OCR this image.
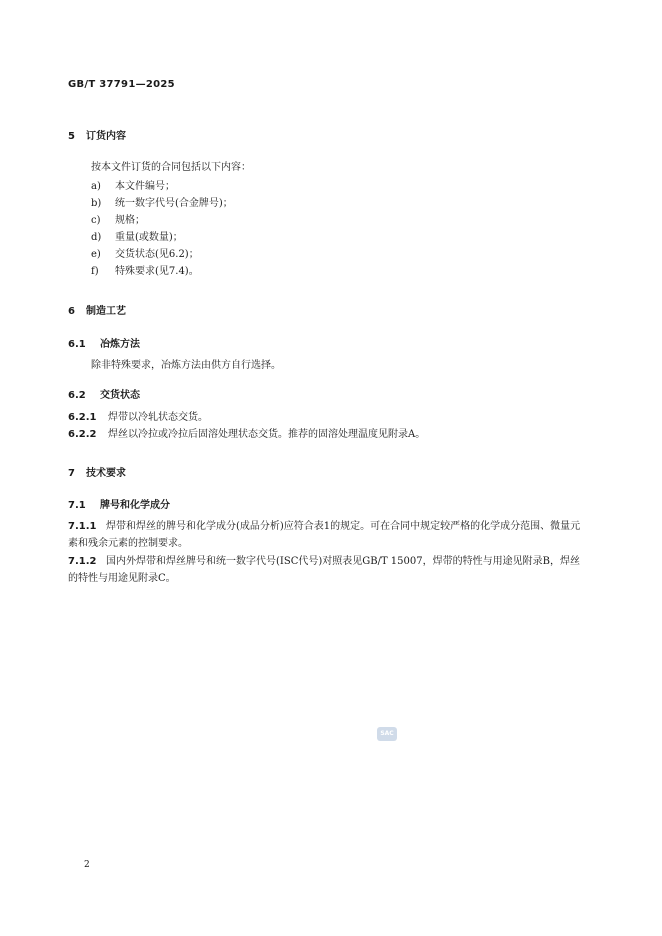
GB/T 37791—2025
5 订货内容
按本文件订货的合同包括以下内容：
a) 本文件编号；
b) 统一数字代号(合金牌号)；
c) 规格；
d) 重量(或数量)；
e) 交货状态(见6.2)；
f) 特殊要求(见7.4)。
6 制造工艺
6.1 冶炼方法
除非特殊要求，冶炼方法由供方自行选择。
6.2 交货状态
6.2.1 焊带以冷轧状态交货。
6.2.2 焊丝以冷拉或冷拉后固溶处理状态交货。推荐的固溶处理温度见附录A。
7 技术要求
7.1 牌号和化学成分
7.1.1 焊带和焊丝的牌号和化学成分(成品分析)应符合表1的规定。可在合同中规定较严格的化学成分范围、微量元素和残余元素的控制要求。
7.1.2 国内外焊带和焊丝牌号和统一数字代号(ISC代号)对照表见GB/T 15007，焊带的特性与用途见附录B，焊丝的特性与用途见附录C。
SAC
2
